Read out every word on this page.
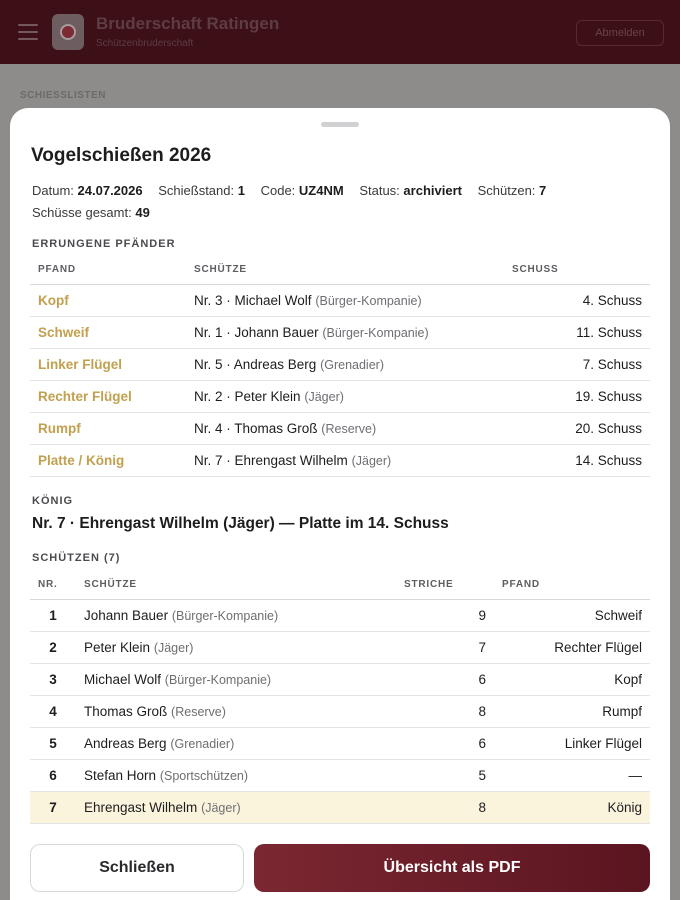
Bruderschaft Ratingen
Schützenbruderschaft
Abmelden
SCHIESSLISTEN
Vogelschießen 2026
Datum: 24.07.2026 Schießstand: 1 Code: UZ4NM Status: archiviert Schützen: 7 Schüsse gesamt: 49
ERRUNGENE PFÄNDER
PFAND	SCHÜTZE	SCHUSS
Kopf	Nr. 3 · Michael Wolf (Bürger-Kompanie)	4. Schuss
Schweif	Nr. 1 · Johann Bauer (Bürger-Kompanie)	11. Schuss
Linker Flügel	Nr. 5 · Andreas Berg (Grenadier)	7. Schuss
Rechter Flügel	Nr. 2 · Peter Klein (Jäger)	19. Schuss
Rumpf	Nr. 4 · Thomas Groß (Reserve)	20. Schuss
Platte / König	Nr. 7 · Ehrengast Wilhelm (Jäger)	14. Schuss
KÖNIG
Nr. 7 · Ehrengast Wilhelm (Jäger) — Platte im 14. Schuss
SCHÜTZEN (7)
NR.	SCHÜTZE	STRICHE	PFAND
1	Johann Bauer (Bürger-Kompanie)	9	Schweif
2	Peter Klein (Jäger)	7	Rechter Flügel
3	Michael Wolf (Bürger-Kompanie)	6	Kopf
4	Thomas Groß (Reserve)	8	Rumpf
5	Andreas Berg (Grenadier)	6	Linker Flügel
6	Stefan Horn (Sportschützen)	5	—
7	Ehrengast Wilhelm (Jäger)	8	König
Schließen	Übersicht als PDF
